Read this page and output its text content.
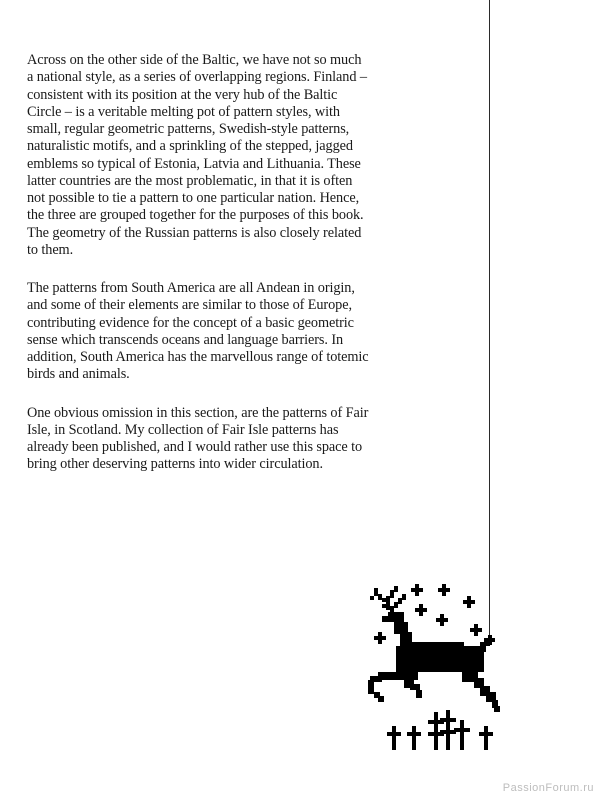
Across on the other side of the Baltic, we have not so much a national style, as a series of overlapping regions. Finland – consistent with its position at the very hub of the Baltic Circle – is a veritable melting pot of pattern styles, with small, regular geometric patterns, Swedish-style patterns, naturalistic motifs, and a sprinkling of the stepped, jagged emblems so typical of Estonia, Latvia and Lithuania. These latter countries are the most problematic, in that it is often not possible to tie a pattern to one particular nation. Hence, the three are grouped together for the purposes of this book. The geometry of the Russian patterns is also closely related to them.

The patterns from South America are all Andean in origin, and some of their elements are similar to those of Europe, contributing evidence for the concept of a basic geometric sense which transcends oceans and language barriers. In addition, South America has the marvellous range of totemic birds and animals.

One obvious omission in this section, are the patterns of Fair Isle, in Scotland. My collection of Fair Isle patterns has already been published, and I would rather use this space to bring other deserving patterns into wider circulation.

PassionForum.ru
